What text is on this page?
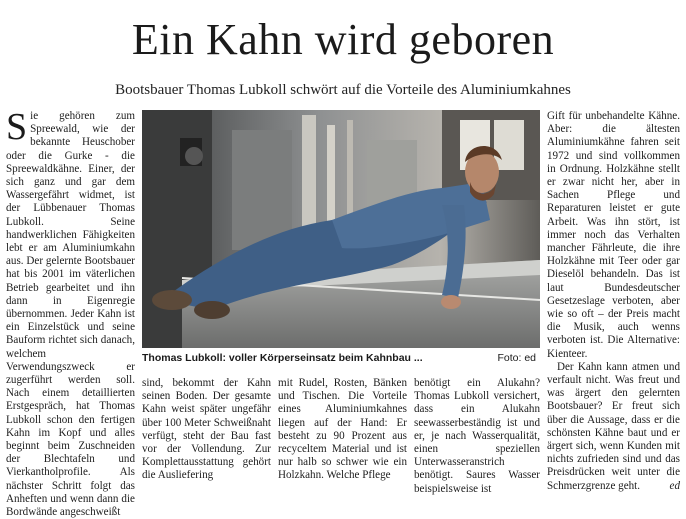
Ein Kahn wird geboren
Bootsbauer Thomas Lubkoll schwört auf die Vorteile des Aluminiumkahnes

Sie gehören zum Spreewald, wie der bekannte Heuschober oder die Gurke - die Spreewaldkähne. Einer, der sich ganz und gar dem Wassergefährt widmet, ist der Lübbenauer Thomas Lubkoll. Seine handwerklichen Fähigkeiten lebt er am Aluminiumkahn aus. Der gelernte Bootsbauer hat bis 2001 im väterlichen Betrieb gearbeitet und ihn dann in Eigenregie übernommen. Jeder Kahn ist ein Einzelstück und seine Bauform richtet sich danach, welchem Verwendungszweck er zugerführt werden soll. Nach einem detaillierten Erstgespräch, hat Thomas Lubkoll schon den fertigen Kahn im Kopf und alles beginnt beim Zuschneiden der Blechtafeln und Vierkantholprofile. Als nächster Schritt folgt das Anheften und wenn dann die Bordwände angeschweißt

Thomas Lubkoll: voller Körperseinsatz beim Kahnbau ...	Foto: ed

sind, bekommt der Kahn seinen Boden. Der gesamte Kahn weist später ungefähr über 100 Meter Schweißnaht verfügt, steht der Bau fast vor der Vollendung. Zur Komplettausstattung gehört die Ausliefering

mit Rudel, Rosten, Bänken und Tischen. Die Vorteile eines Aluminiumkahnes liegen auf der Hand: Er besteht zu 90 Prozent aus recyceltem Material und ist nur halb so schwer wie ein Holzkahn. Welche Pflege

benötigt ein Alukahn? Thomas Lubkoll versichert, dass ein Alukahn seewasserbeständig ist und er, je nach Wasserqualität, einen speziellen Unterwasseranstrich benötigt. Saures Wasser beispielsweise ist

Gift für unbehandelte Kähne. Aber: die ältesten Aluminiumkähne fahren seit 1972 und sind vollkommen in Ordnung. Holzkähne stellt er zwar nicht her, aber in Sachen Pflege und Reparaturen leistet er gute Arbeit. Was ihn stört, ist immer noch das Verhalten mancher Fährleute, die ihre Holzkähne mit Teer oder gar Dieselöl behandeln. Das ist laut Bundesdeutscher Gesetzeslage verboten, aber wie so oft – der Preis macht die Musik, auch wenns verboten ist. Die Alternative: Kienteer.

Der Kahn kann atmen und verfault nicht. Was freut und was ärgert den gelernten Bootsbauer? Er freut sich über die Aussage, dass er die schönsten Kähne baut und er ärgert sich, wenn Kunden mit nichts zufrieden sind und das Preisdrücken weit unter die Schmerzgrenze geht.	ed
